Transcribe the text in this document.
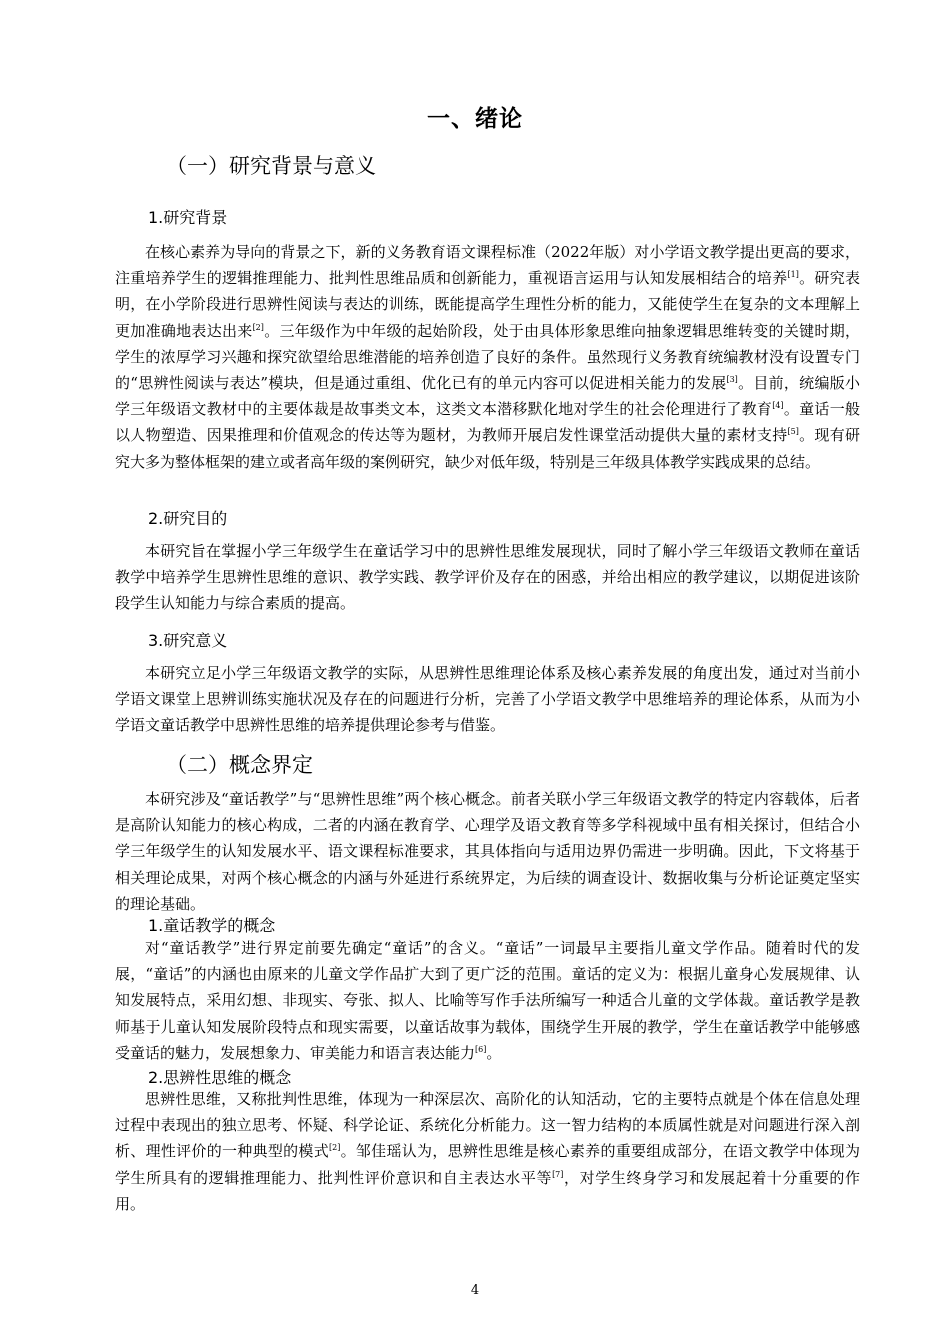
一、绪论
（一）研究背景与意义
1.研究背景

在核心素养为导向的背景之下，新的义务教育语文课程标准（2022年版）对小学语文教学提出更高的要求，注重培养学生的逻辑推理能力、批判性思维品质和创新能力，重视语言运用与认知发展相结合的培养[1]。研究表明，在小学阶段进行思辨性阅读与表达的训练，既能提高学生理性分析的能力，又能使学生在复杂的文本理解上更加准确地表达出来[2]。三年级作为中年级的起始阶段，处于由具体形象思维向抽象逻辑思维转变的关键时期，学生的浓厚学习兴趣和探究欲望给思维潜能的培养创造了良好的条件。虽然现行义务教育统编教材没有设置专门的“思辨性阅读与表达”模块，但是通过重组、优化已有的单元内容可以促进相关能力的发展[3]。目前，统编版小学三年级语文教材中的主要体裁是故事类文本，这类文本潜移默化地对学生的社会伦理进行了教育[4]。童话一般以人物塑造、因果推理和价值观念的传达等为题材，为教师开展启发性课堂活动提供大量的素材支持[5]。现有研究大多为整体框架的建立或者高年级的案例研究，缺少对低年级，特别是三年级具体教学实践成果的总结。

2.研究目的

本研究旨在掌握小学三年级学生在童话学习中的思辨性思维发展现状，同时了解小学三年级语文教师在童话教学中培养学生思辨性思维的意识、教学实践、教学评价及存在的困惑，并给出相应的教学建议，以期促进该阶段学生认知能力与综合素质的提高。

3.研究意义

本研究立足小学三年级语文教学的实际，从思辨性思维理论体系及核心素养发展的角度出发，通过对当前小学语文课堂上思辨训练实施状况及存在的问题进行分析，完善了小学语文教学中思维培养的理论体系，从而为小学语文童话教学中思辨性思维的培养提供理论参考与借鉴。

（二）概念界定

本研究涉及“童话教学”与“思辨性思维”两个核心概念。前者关联小学三年级语文教学的特定内容载体，后者是高阶认知能力的核心构成，二者的内涵在教育学、心理学及语文教育等多学科视域中虽有相关探讨，但结合小学三年级学生的认知发展水平、语文课程标准要求，其具体指向与适用边界仍需进一步明确。因此，下文将基于相关理论成果，对两个核心概念的内涵与外延进行系统界定，为后续的调查设计、数据收集与分析论证奠定坚实的理论基础。

1.童话教学的概念

对“童话教学”进行界定前要先确定“童话”的含义。“童话”一词最早主要指儿童文学作品。随着时代的发展，“童话”的内涵也由原来的儿童文学作品扩大到了更广泛的范围。童话的定义为：根据儿童身心发展规律、认知发展特点，采用幻想、非现实、夸张、拟人、比喻等写作手法所编写一种适合儿童的文学体裁。童话教学是教师基于儿童认知发展阶段特点和现实需要，以童话故事为载体，围绕学生开展的教学，学生在童话教学中能够感受童话的魅力，发展想象力、审美能力和语言表达能力[6]。

2.思辨性思维的概念

思辨性思维，又称批判性思维，体现为一种深层次、高阶化的认知活动，它的主要特点就是个体在信息处理过程中表现出的独立思考、怀疑、科学论证、系统化分析能力。这一智力结构的本质属性就是对问题进行深入剖析、理性评价的一种典型的模式[2]。邹佳瑶认为，思辨性思维是核心素养的重要组成部分，在语文教学中体现为学生所具有的逻辑推理能力、批判性评价意识和自主表达水平等[7]，对学生终身学习和发展起着十分重要的作用。

4
